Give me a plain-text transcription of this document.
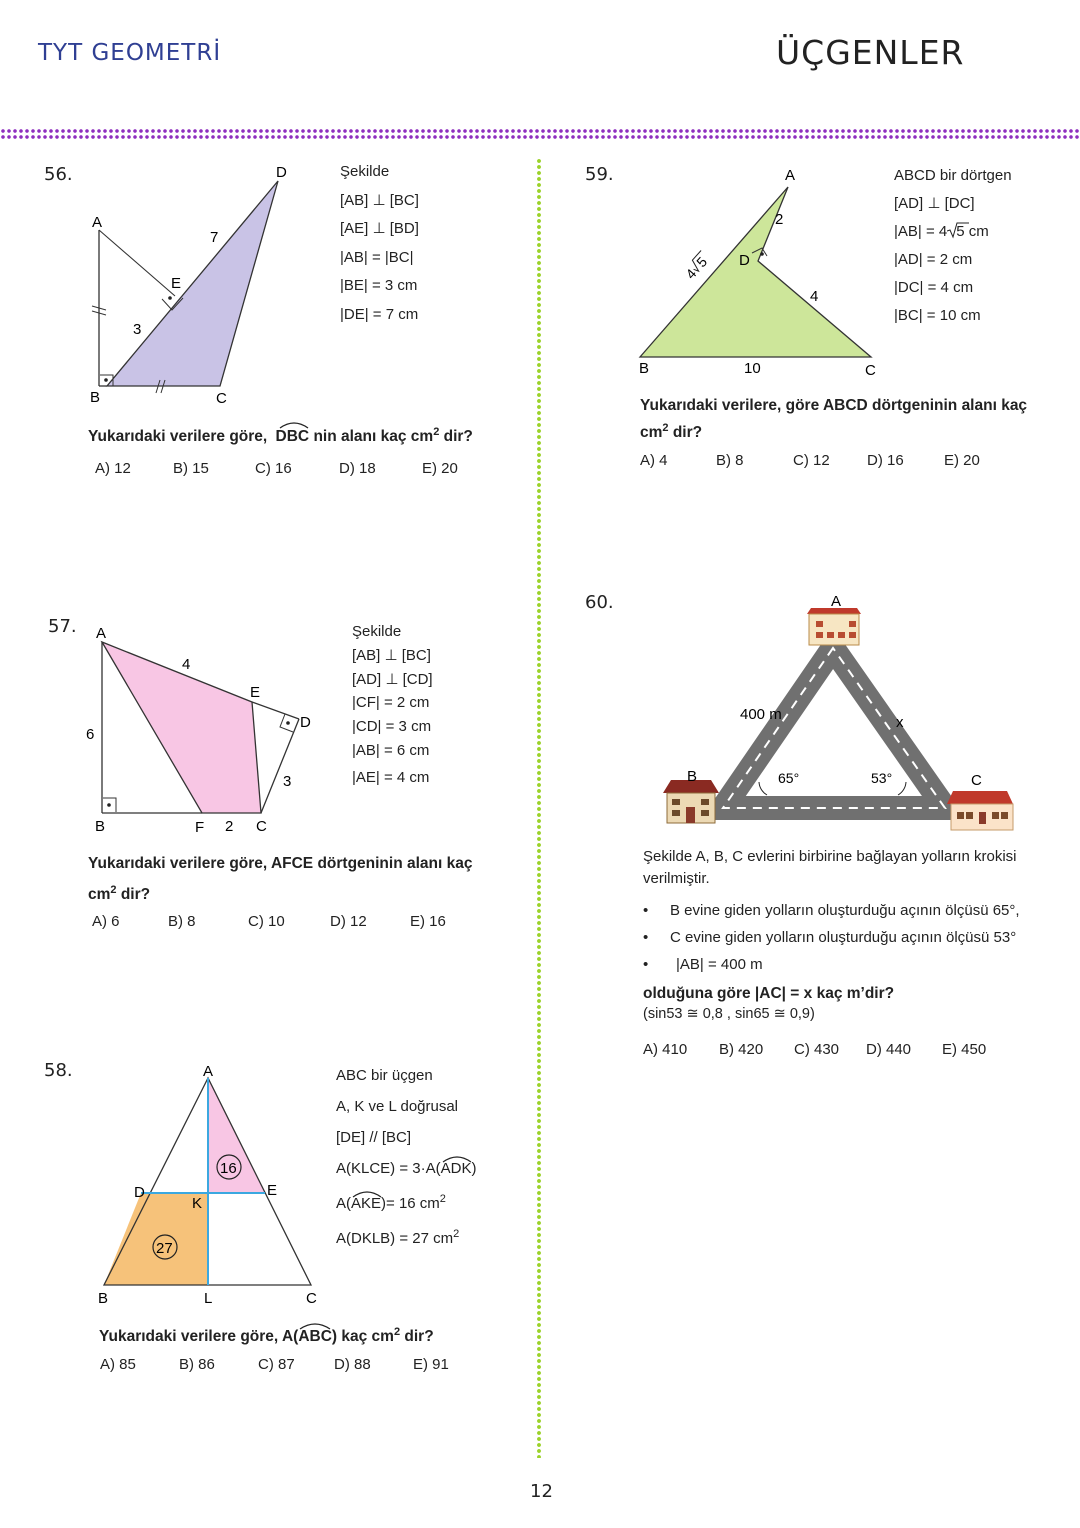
TYT GEOMETRİ	ÜÇGENLER
56.
A
B	C
D
E
7
3
Şekilde
[AB] ⊥ [BC]
[AE] ⊥ [BD]
|AB| = |BC|
|BE| = 3 cm
|DE| = 7 cm
Yukarıdaki verilere göre, DBC nin alanı kaç $cm^2$ dir?
A) 12	B) 15	C) 16	D) 18	E) 20
57. A
B	C
D
E
F
4
6
2
3
Şekilde
[AB] ⊥ [BC]
[AD] ⊥ [CD]
|CF| = 2 cm
|CD| = 3 cm
|AB| = 6 cm
|AE| = 4 cm
Yukarıdaki verilere göre, AFCE dörtgeninin alanı kaç
$cm^2$ dir?
A) 6	B) 8	C) 10	D) 12	E) 16
58.
16
27
A
B	C
D	E
K
L
ABC bir üçgen
A, K ve L doğrusal
[DE] // [BC]
A(KLCE) = 3·A(
ADK)
A(
AKE)= 16 $cm^2$
A(DKLB) = 27 $cm^2$
Yukarıdaki verilere göre, A(
ABC) kaç $cm^2$ dir?
A) 85	B) 86	C) 87	D) 88	E) 91
59.	A
B	C
D
2
4
10
4
5
ABCD bir dörtgen
[AD] ⊥ [DC]
|AB| = 4 5 cm
|AD| = 2 cm
|DC| = 4 cm
|BC| = 10 cm
Yukarıdaki verilere, göre ABCD dörtgeninin alanı kaç
$cm^2$ dir?
A) 4	B) 8	C) 12 D) 16	E) 20
60.	A
B	C
400 m	x
65°	53°
Şekilde A, B, C evlerini birbirine bağlayan yolların krokisi
verilmiştir.
• B evine giden yolların oluşturduğu açının ölçüsü 65°,
• C evine giden yolların oluşturduğu açının ölçüsü 53°
• |AB| = 400 m
olduğuna göre |AC| = x kaç m’dir?
(sin53 ≅ 0,8 , sin65 ≅ 0,9)
A) 410 B) 420 C) 430 D) 440 E) 450
12
